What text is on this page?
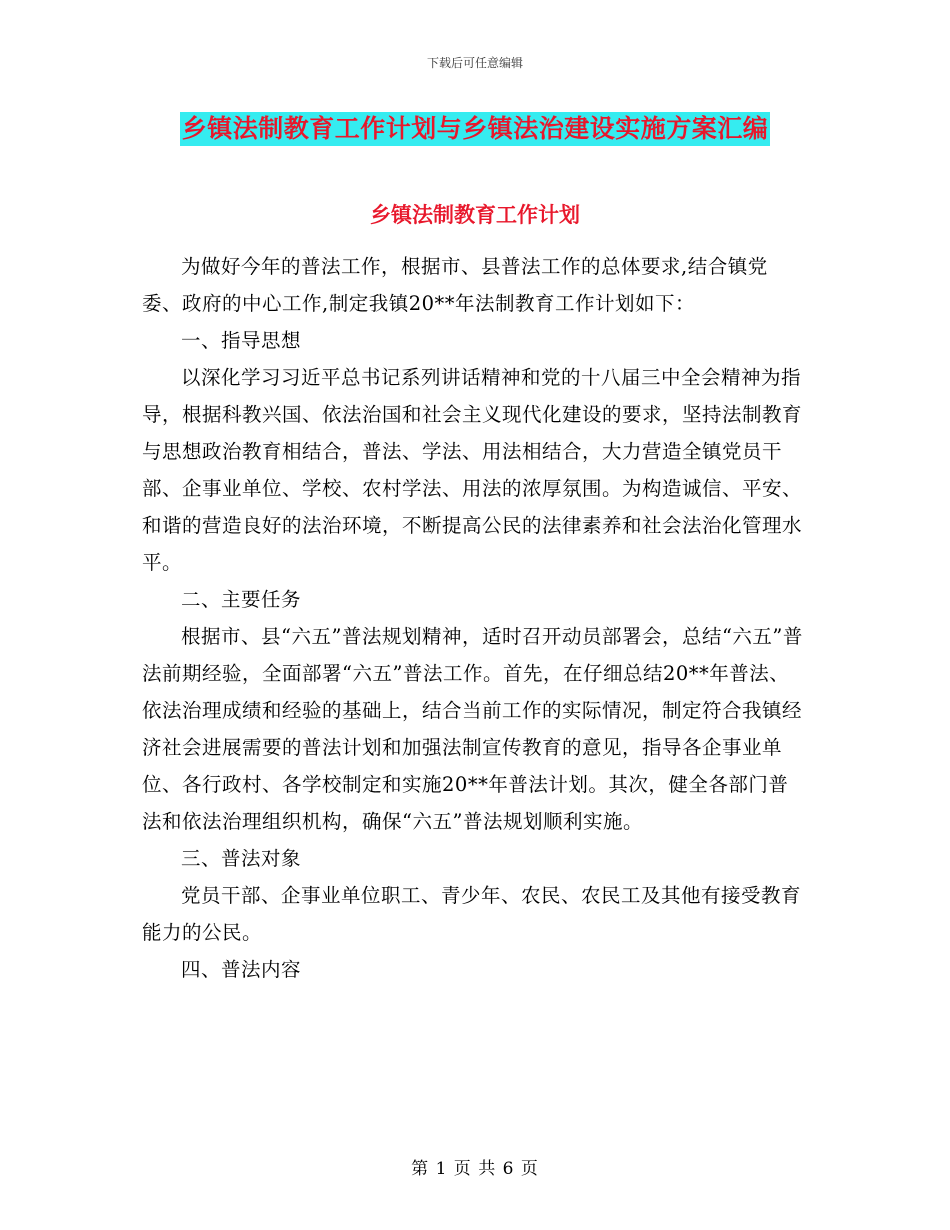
下载后可任意编辑
乡镇法制教育工作计划与乡镇法治建设实施方案汇编
乡镇法制教育工作计划

为做好今年的普法工作，根据市、县普法工作的总体要求,结合镇党委、政府的中心工作,制定我镇20**年法制教育工作计划如下：

一、指导思想

以深化学习习近平总书记系列讲话精神和党的十八届三中全会精神为指导，根据科教兴国、依法治国和社会主义现代化建设的要求，坚持法制教育与思想政治教育相结合，普法、学法、用法相结合，大力营造全镇党员干部、企事业单位、学校、农村学法、用法的浓厚氛围。为构造诚信、平安、和谐的营造良好的法治环境，不断提高公民的法律素养和社会法治化管理水平。

二、主要任务

根据市、县“六五”普法规划精神，适时召开动员部署会，总结“六五”普法前期经验，全面部署“六五”普法工作。首先，在仔细总结20**年普法、依法治理成绩和经验的基础上，结合当前工作的实际情况，制定符合我镇经济社会进展需要的普法计划和加强法制宣传教育的意见，指导各企事业单位、各行政村、各学校制定和实施20**年普法计划。其次，健全各部门普法和依法治理组织机构，确保“六五”普法规划顺利实施。

三、普法对象

党员干部、企事业单位职工、青少年、农民、农民工及其他有接受教育能力的公民。

四、普法内容

第 1 页 共 6 页
